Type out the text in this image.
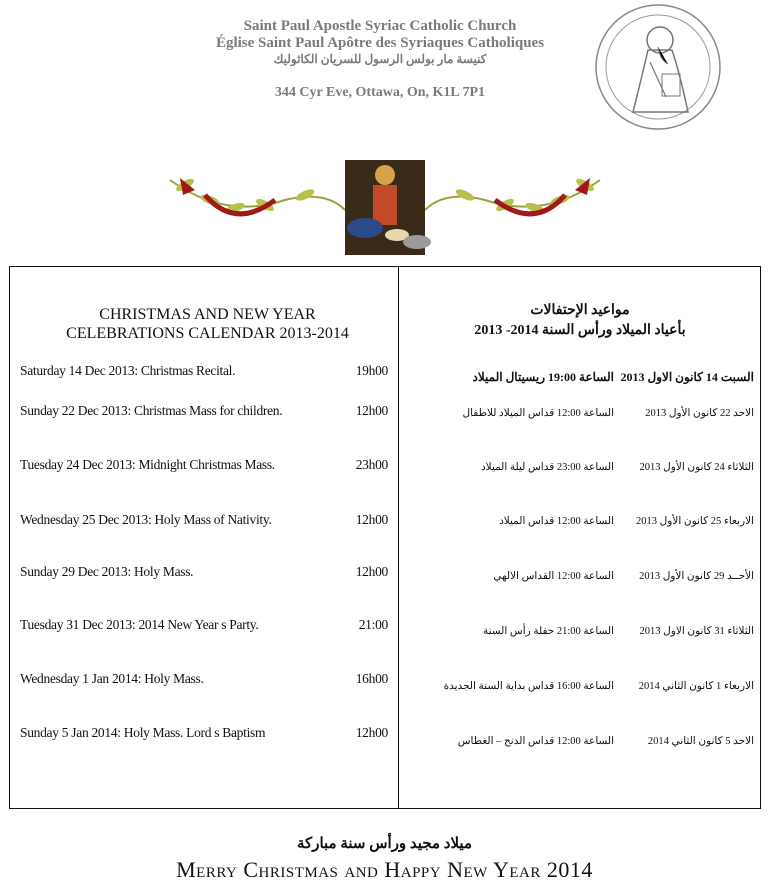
Saint Paul Apostle Syriac Catholic Church
Église Saint Paul Apôtre des Syriaques Catholiques
كنيسة مار بولس الرسول للسريان الكاثوليك
344 Cyr Eve, Ottawa, On, K1L 7P1
CHRISTMAS AND NEW YEAR
CELEBRATIONS CALENDAR 2013-2014
Saturday 14 Dec 2013: Christmas Recital.	19h00
Sunday 22 Dec 2013: Christmas Mass for children.	12h00
Tuesday 24 Dec 2013: Midnight Christmas Mass.	23h00
Wednesday 25 Dec 2013: Holy Mass of Nativity.	12h00
Sunday 29 Dec 2013: Holy Mass.	12h00
Tuesday 31 Dec 2013: 2014 New Year s Party.	21:00
Wednesday 1 Jan 2014: Holy Mass.	16h00
Sunday 5 Jan 2014: Holy Mass. Lord s Baptism	12h00
مواعيد الإحتفالات
بأعياد الميلاد ورأس السنة 2014- 2013
السبت 14 كانون الاول 2013
الساعة 19:00 ريسيتال الميلاد
الاحد 22 كانون الأول 2013
الساعة 12:00 قداس الميلاد للاطفال
الثلاثاء 24 كانون الأول 2013
الساعة 23:00 قداس ليلة الميلاد
الاربعاء 25 كانون الأول 2013
الساعة 12:00 قداس الميلاد
الأحــد 29 كانون الأول 2013
الساعة 12:00 القداس الالهي
الثلاثاء 31 كانون الاول 2013
الساعة 21:00 حفلة رأس السنة
الاربعاء 1 كانون الثاني 2014
الساعة 16:00 قداس بداية السنة الجديدة
الاحد 5 كانون الثاني 2014
الساعة 12:00 قداس الدنح – الغطاس
ميلاد مجيد ورأس سنة مباركة
Merry Christmas and Happy New Year 2014
